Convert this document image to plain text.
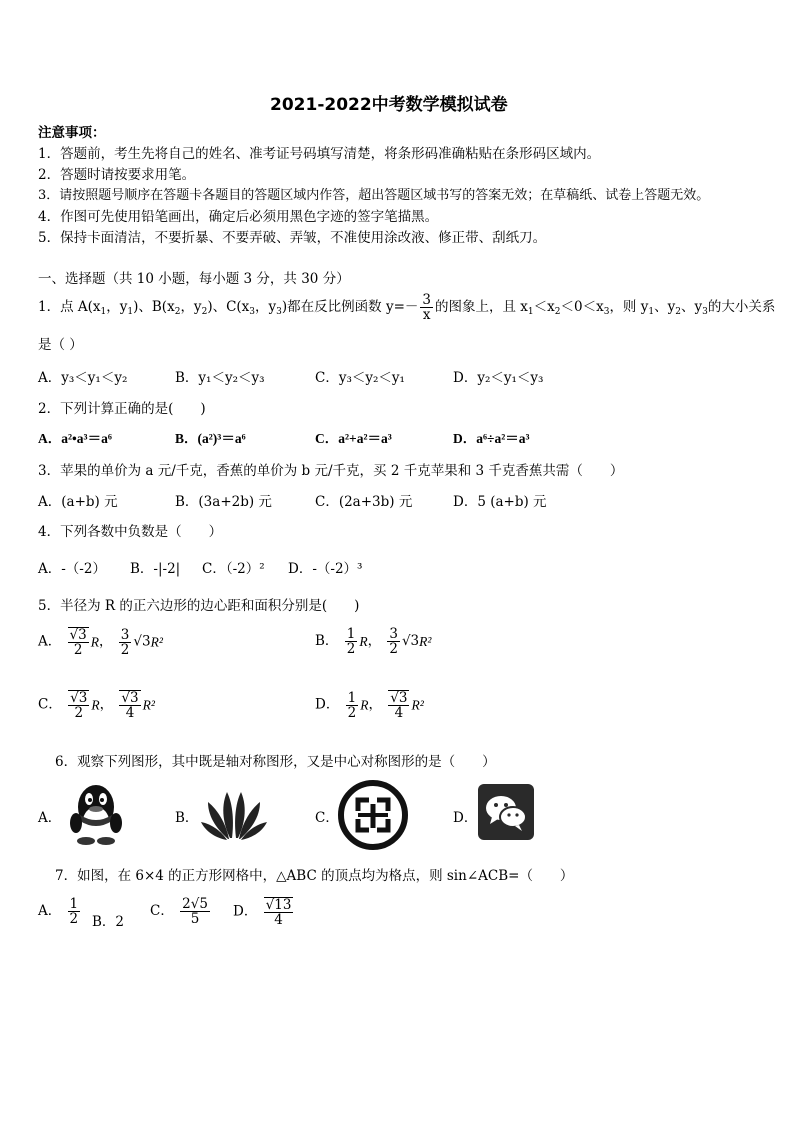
2021-2022中考数学模拟试卷
注意事项：
1．答题前，考生先将自己的姓名、准考证号码填写清楚，将条形码准确粘贴在条形码区域内。
2．答题时请按要求用笔。
3．请按照题号顺序在答题卡各题目的答题区域内作答，超出答题区域书写的答案无效；在草稿纸、试卷上答题无效。
4．作图可先使用铅笔画出，确定后必须用黑色字迹的签字笔描黑。
5．保持卡面清洁，不要折暴、不要弄破、弄皱，不准使用涂改液、修正带、刮纸刀。
一、选择题（共 10 小题，每小题 3 分，共 30 分）
1．点 $A(x_1$，$y_1$)、$B(x_2$，$y_2$)、$C(x_3$，$y_3$)都在反比例函数 $y=- \frac{3}{x}$ 的图象上，且 $x_1<x_2<0<x_3$，则 $y_1$、$y_2$、$y_3$的大小关系
是（ ）
A．y₃＜y₁＜y₂	B．y₁＜y₂＜y₃	C．y₃＜y₂＜y₁	D．y₂＜y₁＜y₃
2．下列计算正确的是(　　)
A．a²•a³＝a⁶	B．(a²)³＝a⁶	C．a²+a²＝a³	D．a⁶÷a²＝a³
3．苹果的单价为 a 元/千克，香蕉的单价为 b 元/千克，买 2 千克苹果和 3 千克香蕉共需（　　）
A．(a+b) 元	B．(3a+2b) 元	C．(2a+3b) 元	D．5 (a+b) 元
4．下列各数中负数是（　　）
A．-（-2） B．-|-2| C．（-2）² D．-（-2）³
5．半径为 R 的正六边形的边心距和面积分别是(　　)
A． $\frac{√3}{2}$ R， $\frac{3}{2} √3R^2$	B． $\frac{1}{2}$ R， $\frac{3}{2} √3R^2$
C． $\frac{√3}{2}$ R， $\frac{√3}{4} R^2$	D． $\frac{1}{2}$ R， $\frac{√3}{4} R^2$
6．观察下列图形，其中既是轴对称图形，又是中心对称图形的是（　　）
A．	B．	C．	D．
7．如图，在 6×4 的正方形网格中，△ABC 的顶点均为格点，则 sin∠ACB=（　　）
A． $\frac{1}{2}$ B．2
C． $\frac{2√5}{5}$ D． $\frac{√13}{4}$
